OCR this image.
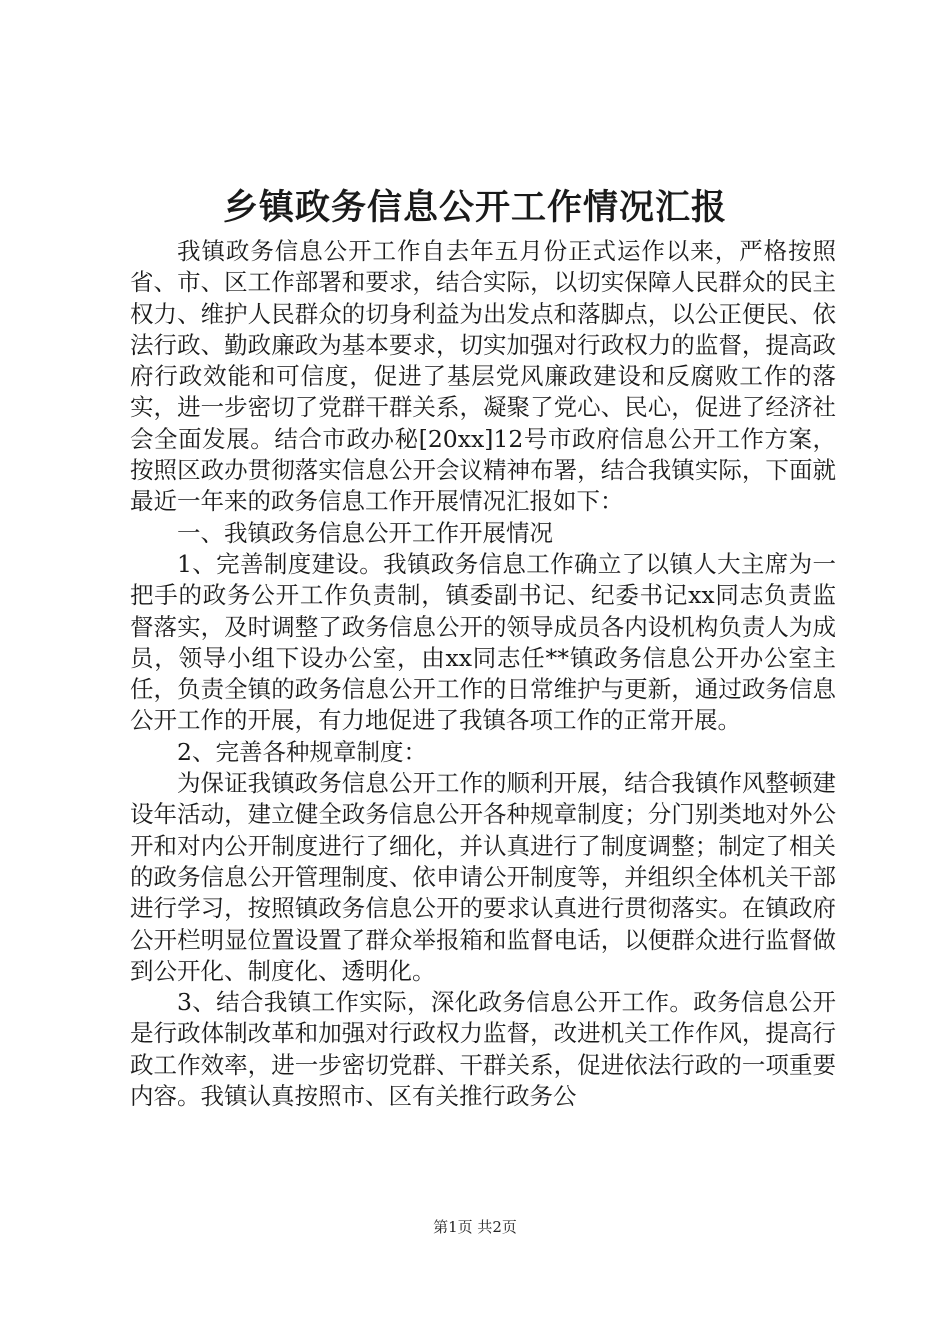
乡镇政务信息公开工作情况汇报

我镇政务信息公开工作自去年五月份正式运作以来，严格按照省、市、区工作部署和要求，结合实际，以切实保障人民群众的民主权力、维护人民群众的切身利益为出发点和落脚点，以公正便民、依法行政、勤政廉政为基本要求，切实加强对行政权力的监督，提高政府行政效能和可信度，促进了基层党风廉政建设和反腐败工作的落实，进一步密切了党群干群关系，凝聚了党心、民心，促进了经济社会全面发展。结合市政办秘[20xx]12号市政府信息公开工作方案，按照区政办贯彻落实信息公开会议精神布署，结合我镇实际，下面就最近一年来的政务信息工作开展情况汇报如下：

一、我镇政务信息公开工作开展情况

1、完善制度建设。我镇政务信息工作确立了以镇人大主席为一把手的政务公开工作负责制，镇委副书记、纪委书记xx同志负责监督落实，及时调整了政务信息公开的领导成员各内设机构负责人为成员，领导小组下设办公室，由xx同志任**镇政务信息公开办公室主任，负责全镇的政务信息公开工作的日常维护与更新，通过政务信息公开工作的开展，有力地促进了我镇各项工作的正常开展。

2、完善各种规章制度：

为保证我镇政务信息公开工作的顺利开展，结合我镇作风整顿建设年活动，建立健全政务信息公开各种规章制度；分门别类地对外公开和对内公开制度进行了细化，并认真进行了制度调整；制定了相关的政务信息公开管理制度、依申请公开制度等，并组织全体机关干部进行学习，按照镇政务信息公开的要求认真进行贯彻落实。在镇政府公开栏明显位置设置了群众举报箱和监督电话，以便群众进行监督做到公开化、制度化、透明化。

3、结合我镇工作实际，深化政务信息公开工作。政务信息公开是行政体制改革和加强对行政权力监督，改进机关工作作风，提高行政工作效率，进一步密切党群、干群关系，促进依法行政的一项重要内容。我镇认真按照市、区有关推行政务公

第1页 共2页
